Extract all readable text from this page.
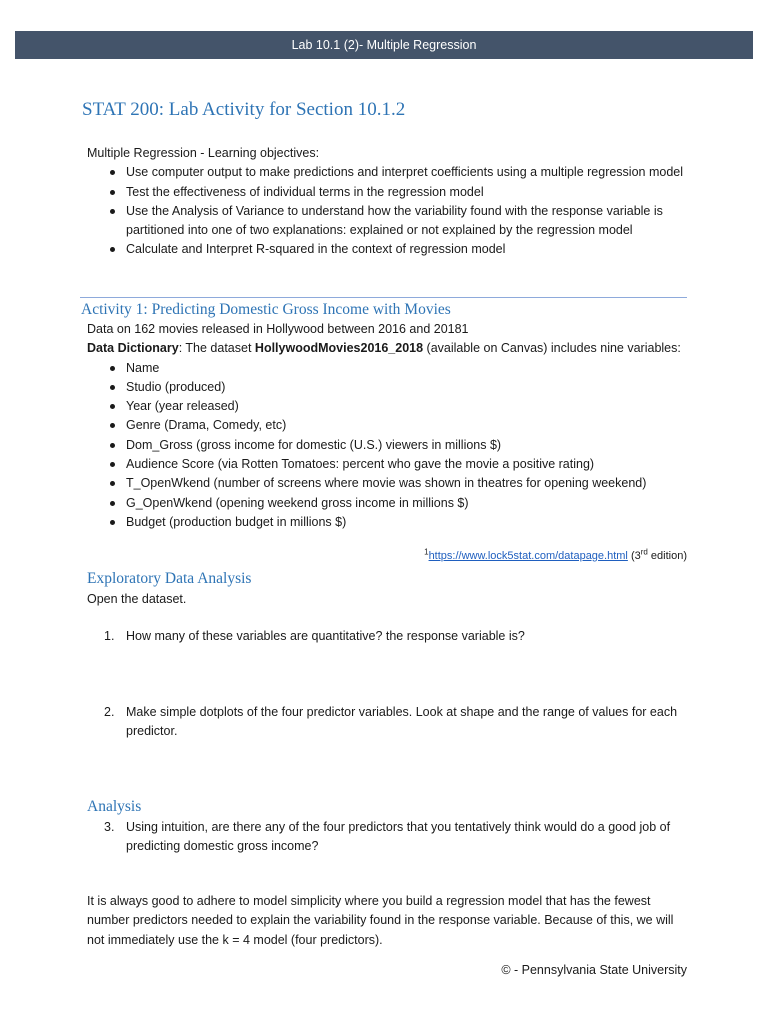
Lab 10.1 (2)- Multiple Regression
STAT 200: Lab Activity for Section 10.1.2
Multiple Regression - Learning objectives:
Use computer output to make predictions and interpret coefficients using a multiple regression model
Test the effectiveness of individual terms in the regression model
Use the Analysis of Variance to understand how the variability found with the response variable is partitioned into one of two explanations: explained or not explained by the regression model
Calculate and Interpret R-squared in the context of regression model
Activity 1: Predicting Domestic Gross Income with Movies
Data on 162 movies released in Hollywood between 2016 and 20181
Data Dictionary: The dataset HollywoodMovies2016_2018 (available on Canvas) includes nine variables:
Name
Studio (produced)
Year (year released)
Genre (Drama, Comedy, etc)
Dom_Gross (gross income for domestic (U.S.) viewers in millions $)
Audience Score (via Rotten Tomatoes: percent who gave the movie a positive rating)
T_OpenWkend (number of screens where movie was shown in theatres for opening weekend)
G_OpenWkend (opening weekend gross income in millions $)
Budget (production budget in millions $)
$^1$https://www.lock5stat.com/datapage.html (3rd edition)
Exploratory Data Analysis
Open the dataset.
1. How many of these variables are quantitative? the response variable is?
2. Make simple dotplots of the four predictor variables. Look at shape and the range of values for each predictor.
Analysis
3. Using intuition, are there any of the four predictors that you tentatively think would do a good job of predicting domestic gross income?
It is always good to adhere to model simplicity where you build a regression model that has the fewest number predictors needed to explain the variability found in the response variable. Because of this, we will not immediately use the k = 4 model (four predictors).
© - Pennsylvania State University
